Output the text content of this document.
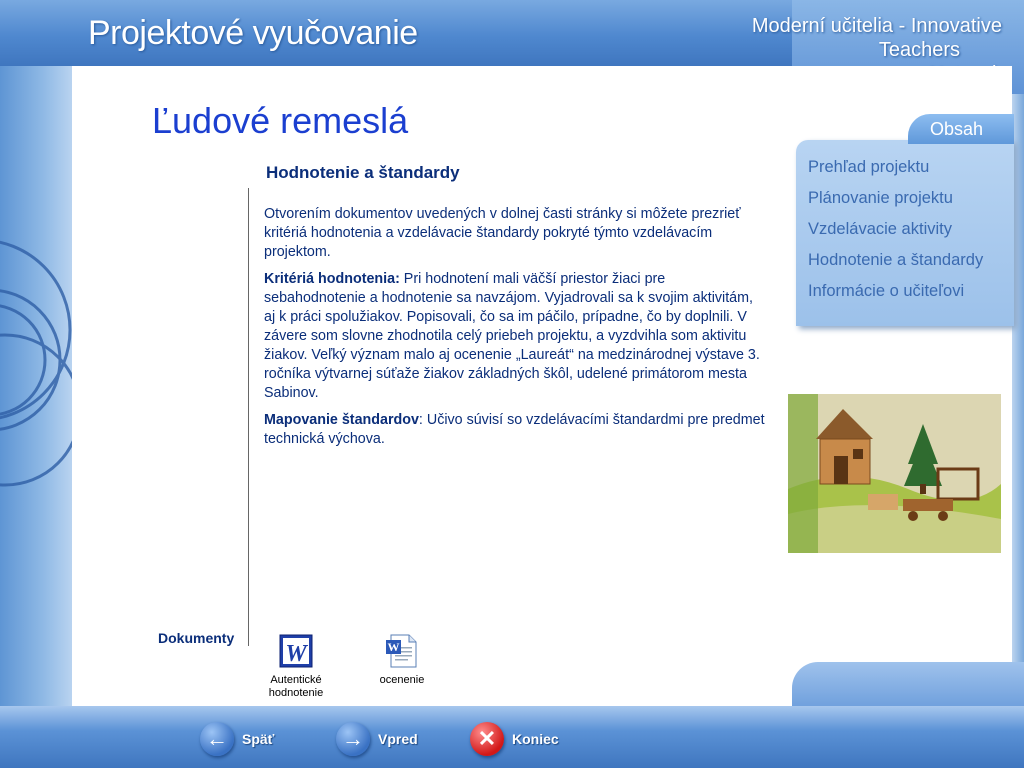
Projektové vyučovanie	Moderní učitelia - Innovative
Teachers
Ľudové remeslá
Hodnotenie a štandardy

Otvorením dokumentov uvedených v dolnej časti stránky si môžete prezrieť kritériá hodnotenia a vzdelávacie štandardy pokryté týmto vzdelávacím projektom.

Kritériá hodnotenia: Pri hodnotení mali väčší priestor žiaci pre sebahodnotenie a hodnotenie sa navzájom. Vyjadrovali sa k svojim aktivitám, aj k práci spolužiakov. Popisovali, čo sa im páčilo, prípadne, čo by doplnili. V závere som slovne zhodnotila celý priebeh projektu, a vyzdvihla som aktivitu žiakov. Veľký význam malo aj ocenenie „Laureát“ na medzinárodnej výstave 3. ročníka výtvarnej súťaže žiakov základných škôl, udelené primátorom mesta Sabinov.

Mapovanie štandardov: Učivo súvisí so vzdelávacími štandardmi pre predmet technická výchova.

Dokumenty
W
Autentické hodnotenie
W
ocenenie
Obsah
Prehľad projektu
Plánovanie projektu
Vzdelávacie aktivity
Hodnotenie a štandardy
Informácie o učiteľovi
←	Späť	→	Vpred	✕	Koniec
